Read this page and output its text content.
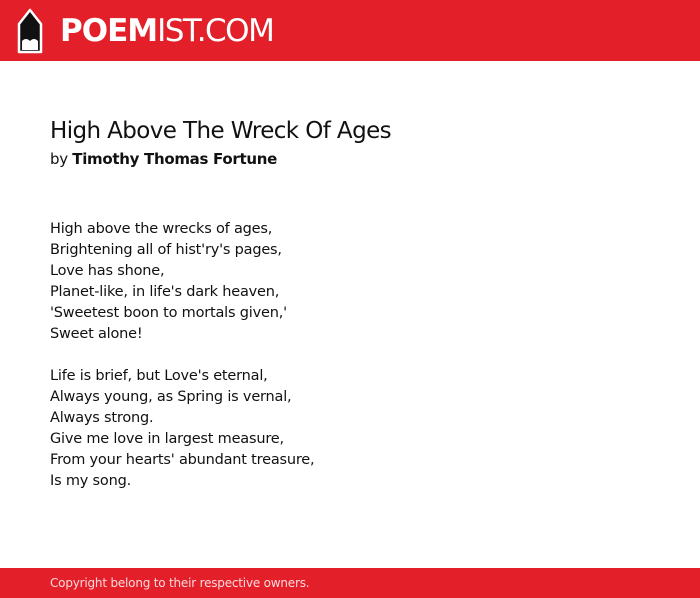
POEMIST.COM
High Above The Wreck Of Ages
by Timothy Thomas Fortune
High above the wrecks of ages,
Brightening all of hist'ry's pages,
Love has shone,
Planet-like, in life's dark heaven,
'Sweetest boon to mortals given,'
Sweet alone!
Life is brief, but Love's eternal,
Always young, as Spring is vernal,
Always strong.
Give me love in largest measure,
From your hearts' abundant treasure,
Is my song.
Copyright belong to their respective owners.
